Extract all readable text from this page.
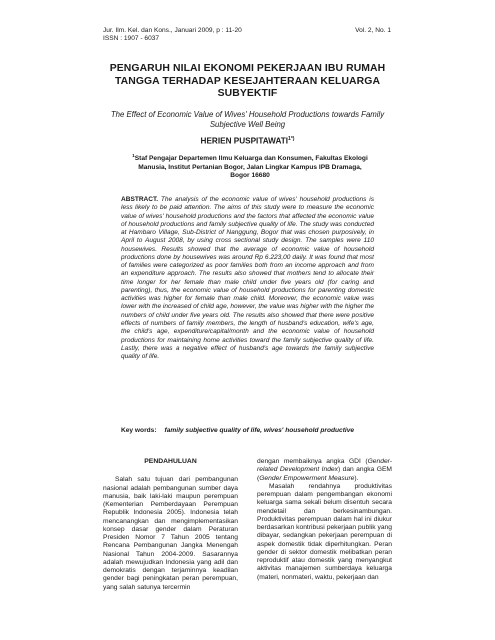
Jur. Ilm. Kel. dan Kons., Januari 2009, p : 11-20
ISSN : 1907 - 6037
Vol. 2, No. 1
PENGARUH NILAI EKONOMI PEKERJAAN IBU RUMAH
TANGGA TERHADAP KESEJAHTERAAN KELUARGA
SUBYEKTIF
The Effect of Economic Value of Wives' Household Productions towards Family
Subjective Well Being
HERIEN $PUSPITAWATI^{1*)}$
$^1$Staf Pengajar Departemen Ilmu Keluarga dan Konsumen, Fakultas Ekologi
Manusia, Institut Pertanian Bogor, Jalan Lingkar Kampus IPB Dramaga,
Bogor 16680
ABSTRACT. The analysis of the economic value of wives' household productions is less likely to be paid attention. The aims of this study were to measure the economic value of wives' household productions and the factors that affected the economic value of household productions and family subjective quality of life. The study was conducted at Hambaro Village, Sub-District of Nanggung, Bogor that was chosen purposively, in April to August 2008, by using cross sectional study design. The samples were 110 housewives. Results showed that the average of economic value of household productions done by housewives was around Rp 6.223,00 daily. It was found that most of families were categorized as poor families both from an income approach and from an expenditure approach. The results also showed that mothers tend to allocate their time longer for her female than male child under five years old (for caring and parenting), thus, the economic value of household productions for parenting domestic activities was higher for female than male child. Moreover, the economic value was lower with the increased of child age, however, the value was higher with the higher the numbers of child under five years old. The results also showed that there were positive effects of numbers of family members, the length of husband's education, wife's age, the child's age, expenditure/capital/month and the economic value of household productions for maintaining home activities toward the family subjective quality of life. Lastly, there was a negative effect of husband's age towards the family subjective quality of life.
Key words: family subjective quality of life, wives' household productive
PENDAHULUAN

Salah satu tujuan dari pembangunan nasional adalah pembangunan sumber daya manusia, baik laki-laki maupun perempuan (Kementerian Pemberdayaan Perempuan Republik Indonesia 2005). Indonesia telah mencanangkan dan mengimplementasikan konsep dasar gender dalam Peraturan Presiden Nomor 7 Tahun 2005 tentang Rencana Pembangunan Jangka Menengah Nasional Tahun 2004-2009. Sasarannya adalah mewujudkan Indonesia yang adil dan demokratis dengan terjaminnya keadilan gender bagi peningkatan peran perempuan, yang salah satunya tercermin

dengan membaiknya angka GDI (Gender-related Development Index) dan angka GEM (Gender Empowerment Measure).

Masalah rendahnya produktivitas perempuan dalam pengembangan ekonomi keluarga sama sekali belum disentuh secara mendetail dan berkesinambungan. Produktivitas perempuan dalam hal ini diukur berdasarkan kontribusi pekerjaan publik yang dibayar, sedangkan pekerjaan perempuan di aspek domestik tidak diperhitungkan. Peran gender di sektor domestik melibatkan peran reproduktif atau domestik yang menyangkut aktivitas manajemen sumberdaya keluarga (materi, nonmateri, waktu, pekerjaan dan
